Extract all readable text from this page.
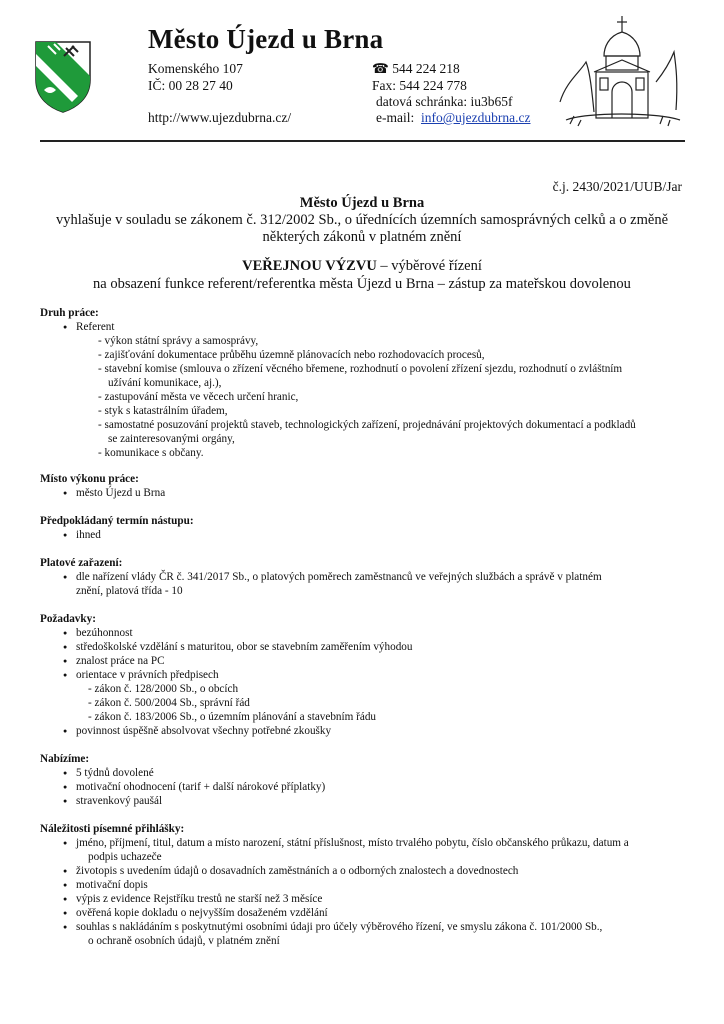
Město Újezd u Brna
Komenského 107
IČ: 00 28 27 40
http://www.ujezdubrna.cz/
☎ 544 224 218
Fax: 544 224 778
datová schránka: iu3b65f
e-mail: info@ujezdubrna.cz
č.j. 2430/2021/UUB/Jar
Město Újezd u Brna
vyhlašuje v souladu se zákonem č. 312/2002 Sb., o úřednících územních samosprávných celků a o změně
některých zákonů v platném znění
VEŘEJNOU VÝZVU – výběrové řízení
na obsazení funkce referent/referentka města Újezd u Brna – zástup za mateřskou dovolenou
Druh práce:
● Referent
- výkon státní správy a samosprávy,
- zajišťování dokumentace průběhu územně plánovacích nebo rozhodovacích procesů,
- stavební komise (smlouva o zřízení věcného břemene, rozhodnutí o povolení zřízení sjezdu, rozhodnutí o zvláštním
užívání komunikace, aj.),
- zastupování města ve věcech určení hranic,
- styk s katastrálním úřadem,
- samostatné posuzování projektů staveb, technologických zařízení, projednávání projektových dokumentací a podkladů
se zainteresovanými orgány,
- komunikace s občany.
Místo výkonu práce:
● město Újezd u Brna
Předpokládaný termín nástupu:
● ihned
Platové zařazení:
● dle nařízení vlády ČR č. 341/2017 Sb., o platových poměrech zaměstnanců ve veřejných službách a správě v platném
znění, platová třída - 10
Požadavky:
● bezúhonnost
● středoškolské vzdělání s maturitou, obor se stavebním zaměřením výhodou
● znalost práce na PC
● orientace v právních předpisech
- zákon č. 128/2000 Sb., o obcích
- zákon č. 500/2004 Sb., správní řád
- zákon č. 183/2006 Sb., o územním plánování a stavebním řádu
● povinnost úspěšně absolvovat všechny potřebné zkoušky
Nabízíme:
● 5 týdnů dovolené
● motivační ohodnocení (tarif + další nárokové příplatky)
● stravenkový paušál
Náležitosti písemné přihlášky:
● jméno, příjmení, titul, datum a místo narození, státní příslušnost, místo trvalého pobytu, číslo občanského průkazu, datum a
podpis uchazeče
● životopis s uvedením údajů o dosavadních zaměstnáních a o odborných znalostech a dovednostech
● motivační dopis
● výpis z evidence Rejstříku trestů ne starší než 3 měsíce
● ověřená kopie dokladu o nejvyšším dosaženém vzdělání
● souhlas s nakládáním s poskytnutými osobními údaji pro účely výběrového řízení, ve smyslu zákona č. 101/2000 Sb.,
o ochraně osobních údajů, v platném znění
